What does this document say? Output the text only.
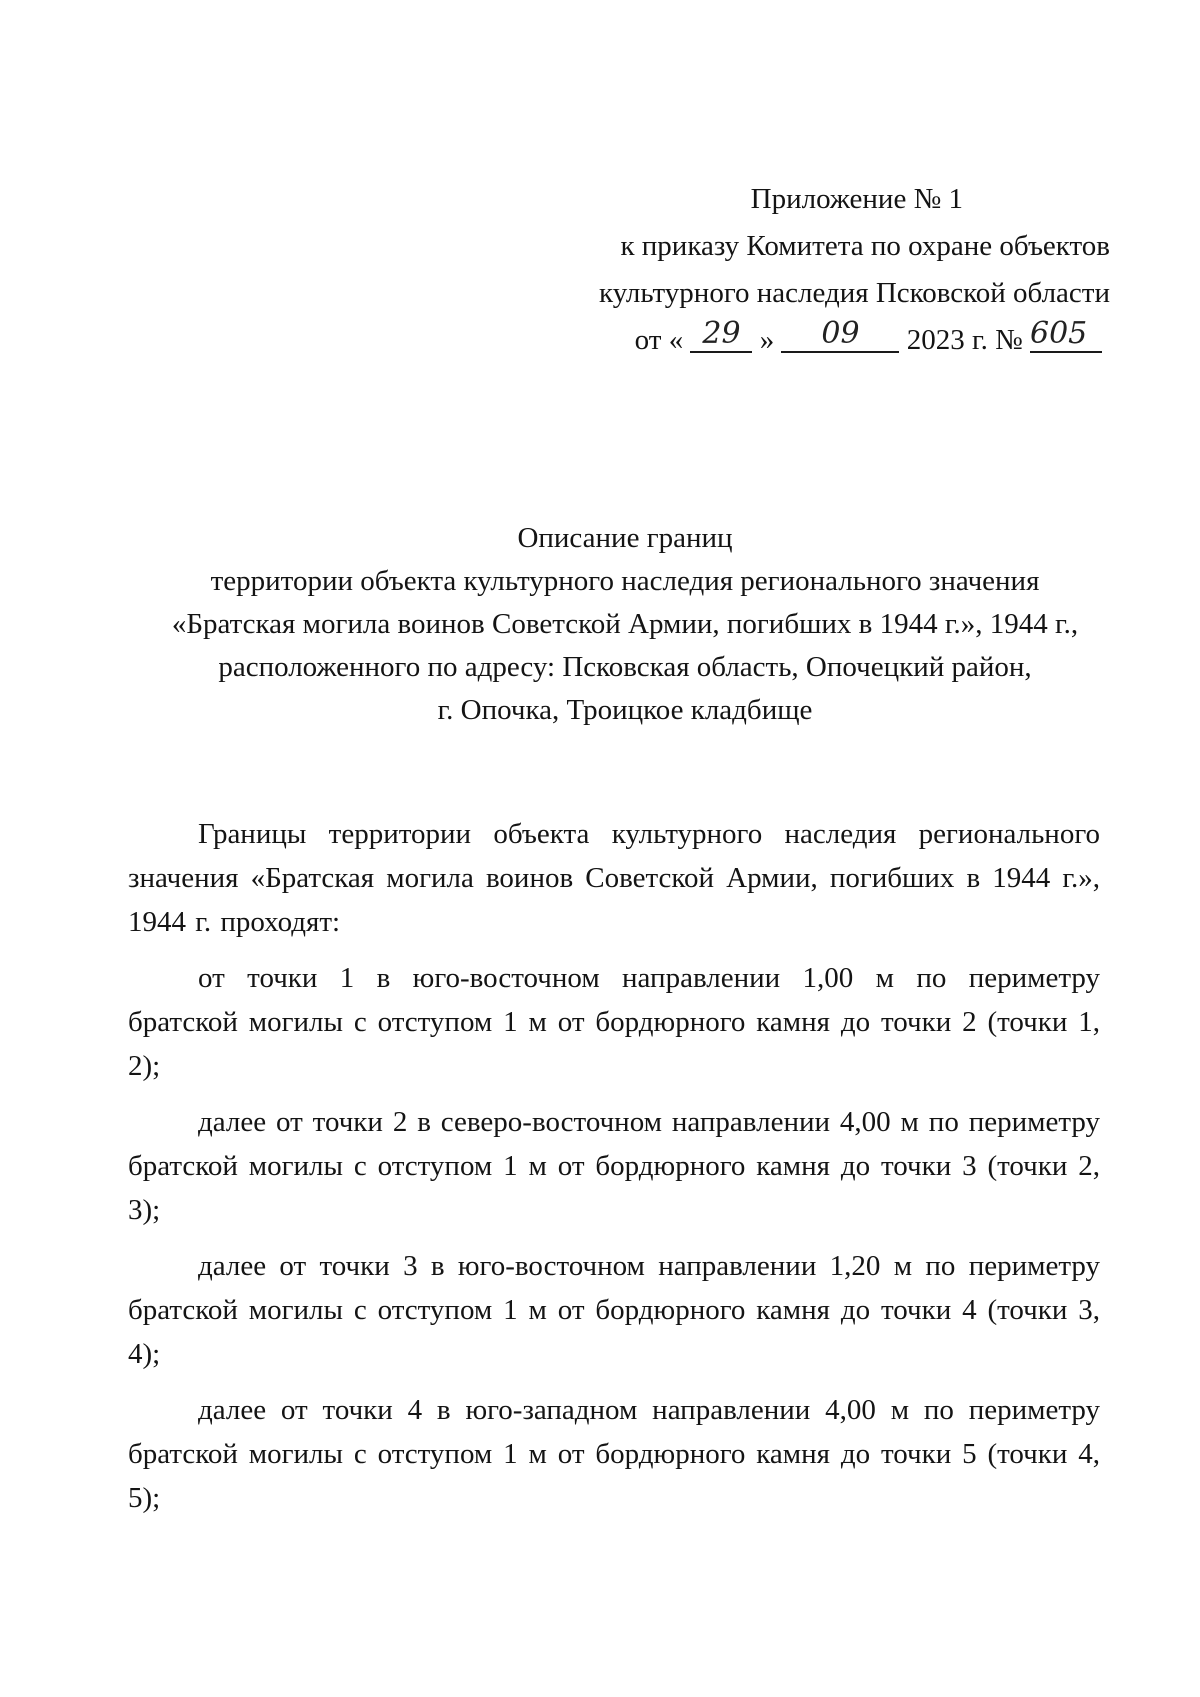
Приложение № 1
к приказу Комитета по охране объектов
культурного наследия Псковской области
от « 29 » 09 2023 г. № 605
Описание границ
территории объекта культурного наследия регионального значения
«Братская могила воинов Советской Армии, погибших в 1944 г.», 1944 г.,
расположенного по адресу: Псковская область, Опочецкий район,
г. Опочка, Троицкое кладбище

Границы территории объекта культурного наследия регионального значения «Братская могила воинов Советской Армии, погибших в 1944 г.», 1944 г. проходят:

от точки 1 в юго-восточном направлении 1,00 м по периметру братской могилы с отступом 1 м от бордюрного камня до точки 2 (точки 1, 2);

далее от точки 2 в северо-восточном направлении 4,00 м по периметру братской могилы с отступом 1 м от бордюрного камня до точки 3 (точки 2, 3);

далее от точки 3 в юго-восточном направлении 1,20 м по периметру братской могилы с отступом 1 м от бордюрного камня до точки 4 (точки 3, 4);

далее от точки 4 в юго-западном направлении 4,00 м по периметру братской могилы с отступом 1 м от бордюрного камня до точки 5 (точки 4, 5);
